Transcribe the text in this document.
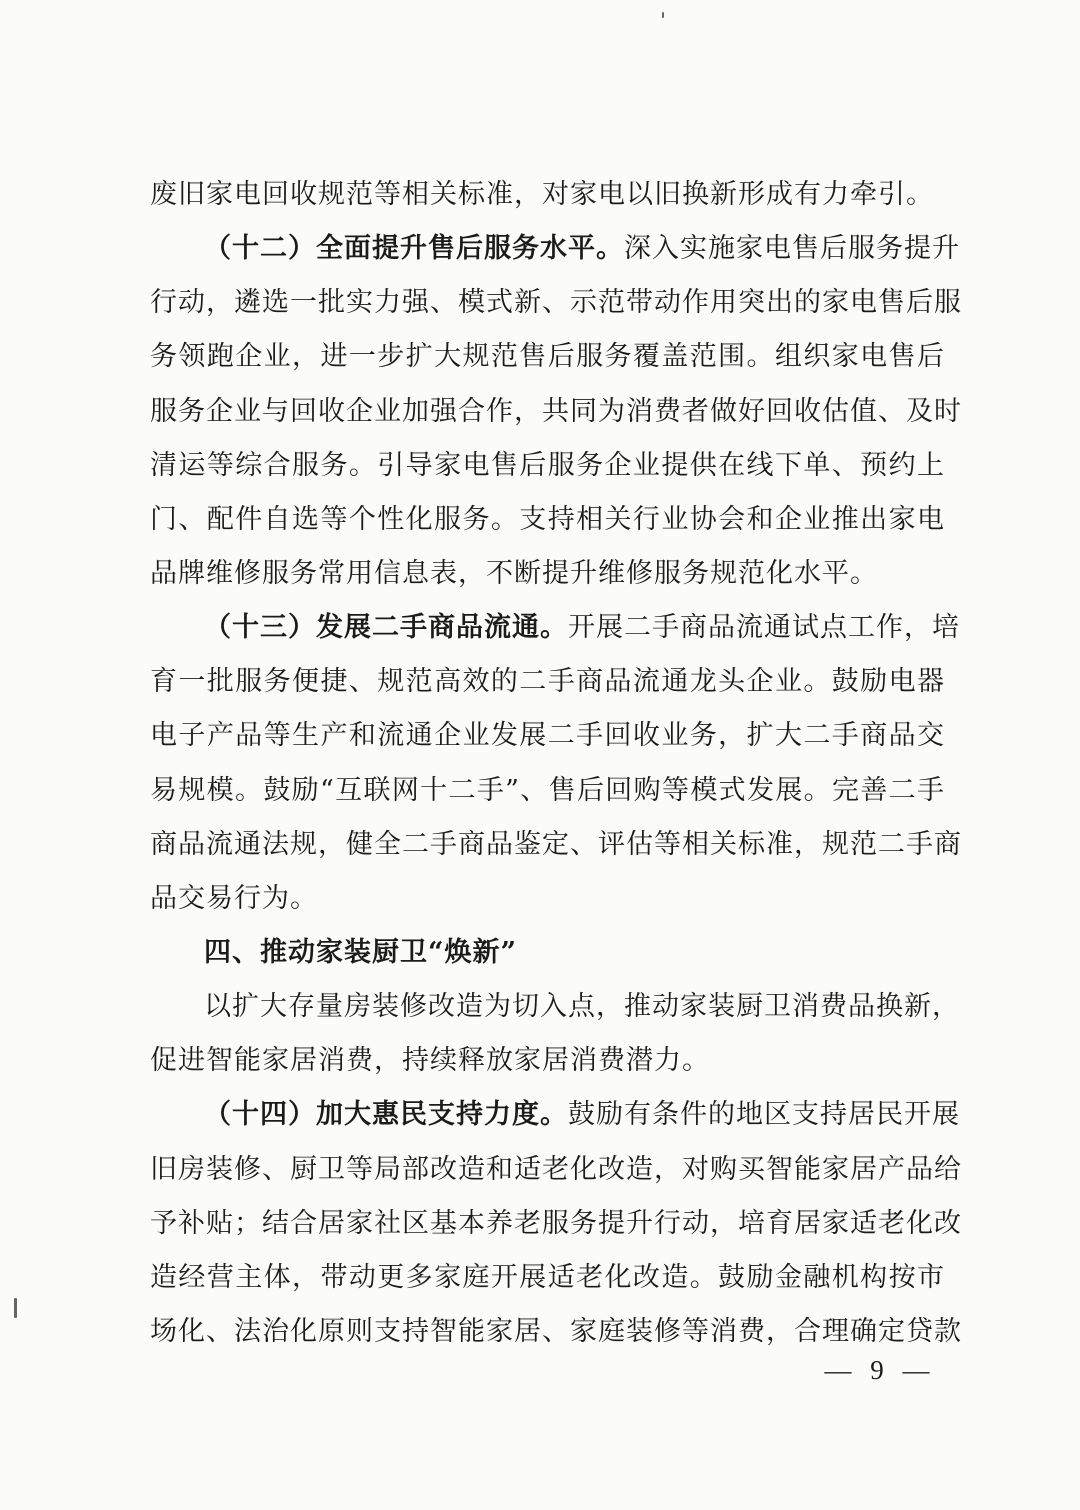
废旧家电回收规范等相关标准，对家电以旧换新形成有力牵引。
（十二）全面提升售后服务水平。深入实施家电售后服务提升
行动，遴选一批实力强、模式新、示范带动作用突出的家电售后服
务领跑企业，进一步扩大规范售后服务覆盖范围。组织家电售后
服务企业与回收企业加强合作，共同为消费者做好回收估值、及时
清运等综合服务。引导家电售后服务企业提供在线下单、预约上
门、配件自选等个性化服务。支持相关行业协会和企业推出家电
品牌维修服务常用信息表，不断提升维修服务规范化水平。
（十三）发展二手商品流通。开展二手商品流通试点工作，培
育一批服务便捷、规范高效的二手商品流通龙头企业。鼓励电器
电子产品等生产和流通企业发展二手回收业务，扩大二手商品交
易规模。鼓励“互联网十二手”、售后回购等模式发展。完善二手
商品流通法规，健全二手商品鉴定、评估等相关标准，规范二手商
品交易行为。
四、推动家装厨卫“焕新”
以扩大存量房装修改造为切入点，推动家装厨卫消费品换新，
促进智能家居消费，持续释放家居消费潜力。
（十四）加大惠民支持力度。鼓励有条件的地区支持居民开展
旧房装修、厨卫等局部改造和适老化改造，对购买智能家居产品给
予补贴；结合居家社区基本养老服务提升行动，培育居家适老化改
造经营主体，带动更多家庭开展适老化改造。鼓励金融机构按市
场化、法治化原则支持智能家居、家庭装修等消费，合理确定贷款
— 9 —
